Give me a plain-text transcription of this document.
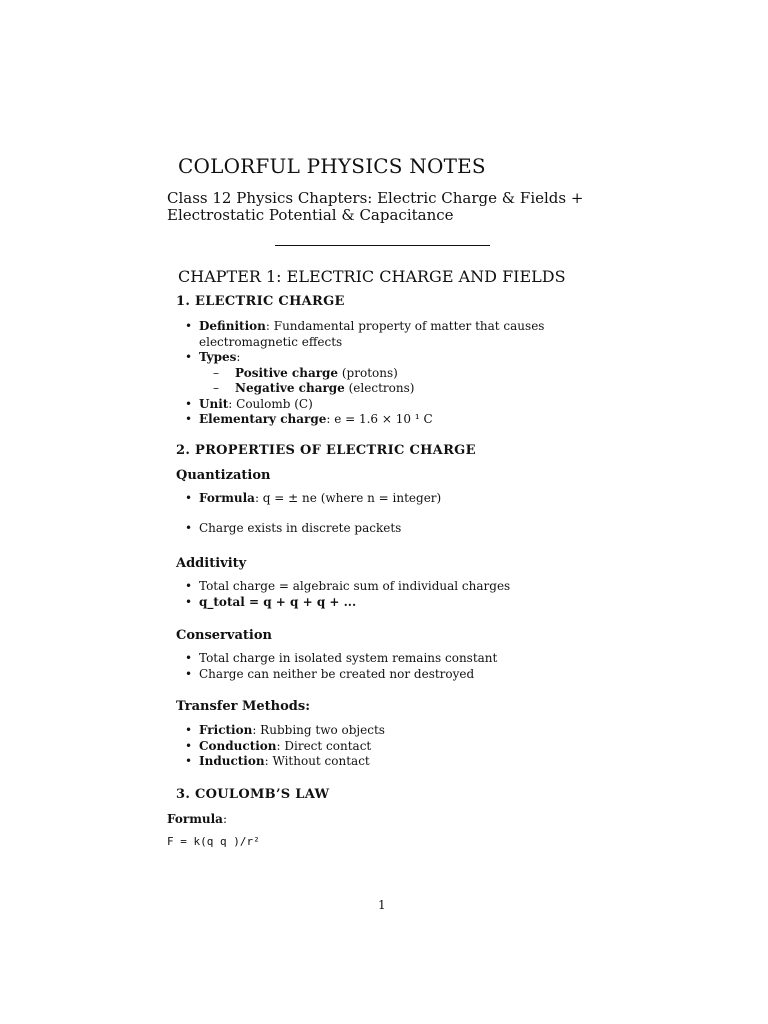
COLORFUL PHYSICS NOTES
Class 12 Physics Chapters: Electric Charge & Fields + Electrostatic Potential & Capacitance
CHAPTER 1: ELECTRIC CHARGE AND FIELDS
1. ELECTRIC CHARGE
• Definition: Fundamental property of matter that causes electromagnetic effects
• Types:
– Positive charge (protons)
– Negative charge (electrons)
• Unit: Coulomb (C)
• Elementary charge: e = 1.6 × 10 ¹ C
2. PROPERTIES OF ELECTRIC CHARGE
Quantization
• Formula: q = ± ne (where n = integer)
• Charge exists in discrete packets
Additivity
• Total charge = algebraic sum of individual charges
• q_total = q + q + q + ...
Conservation
• Total charge in isolated system remains constant
• Charge can neither be created nor destroyed
Transfer Methods:
• Friction: Rubbing two objects
• Conduction: Direct contact
• Induction: Without contact
3. COULOMB’S LAW
Formula:
F = k(q q )/r²
1
